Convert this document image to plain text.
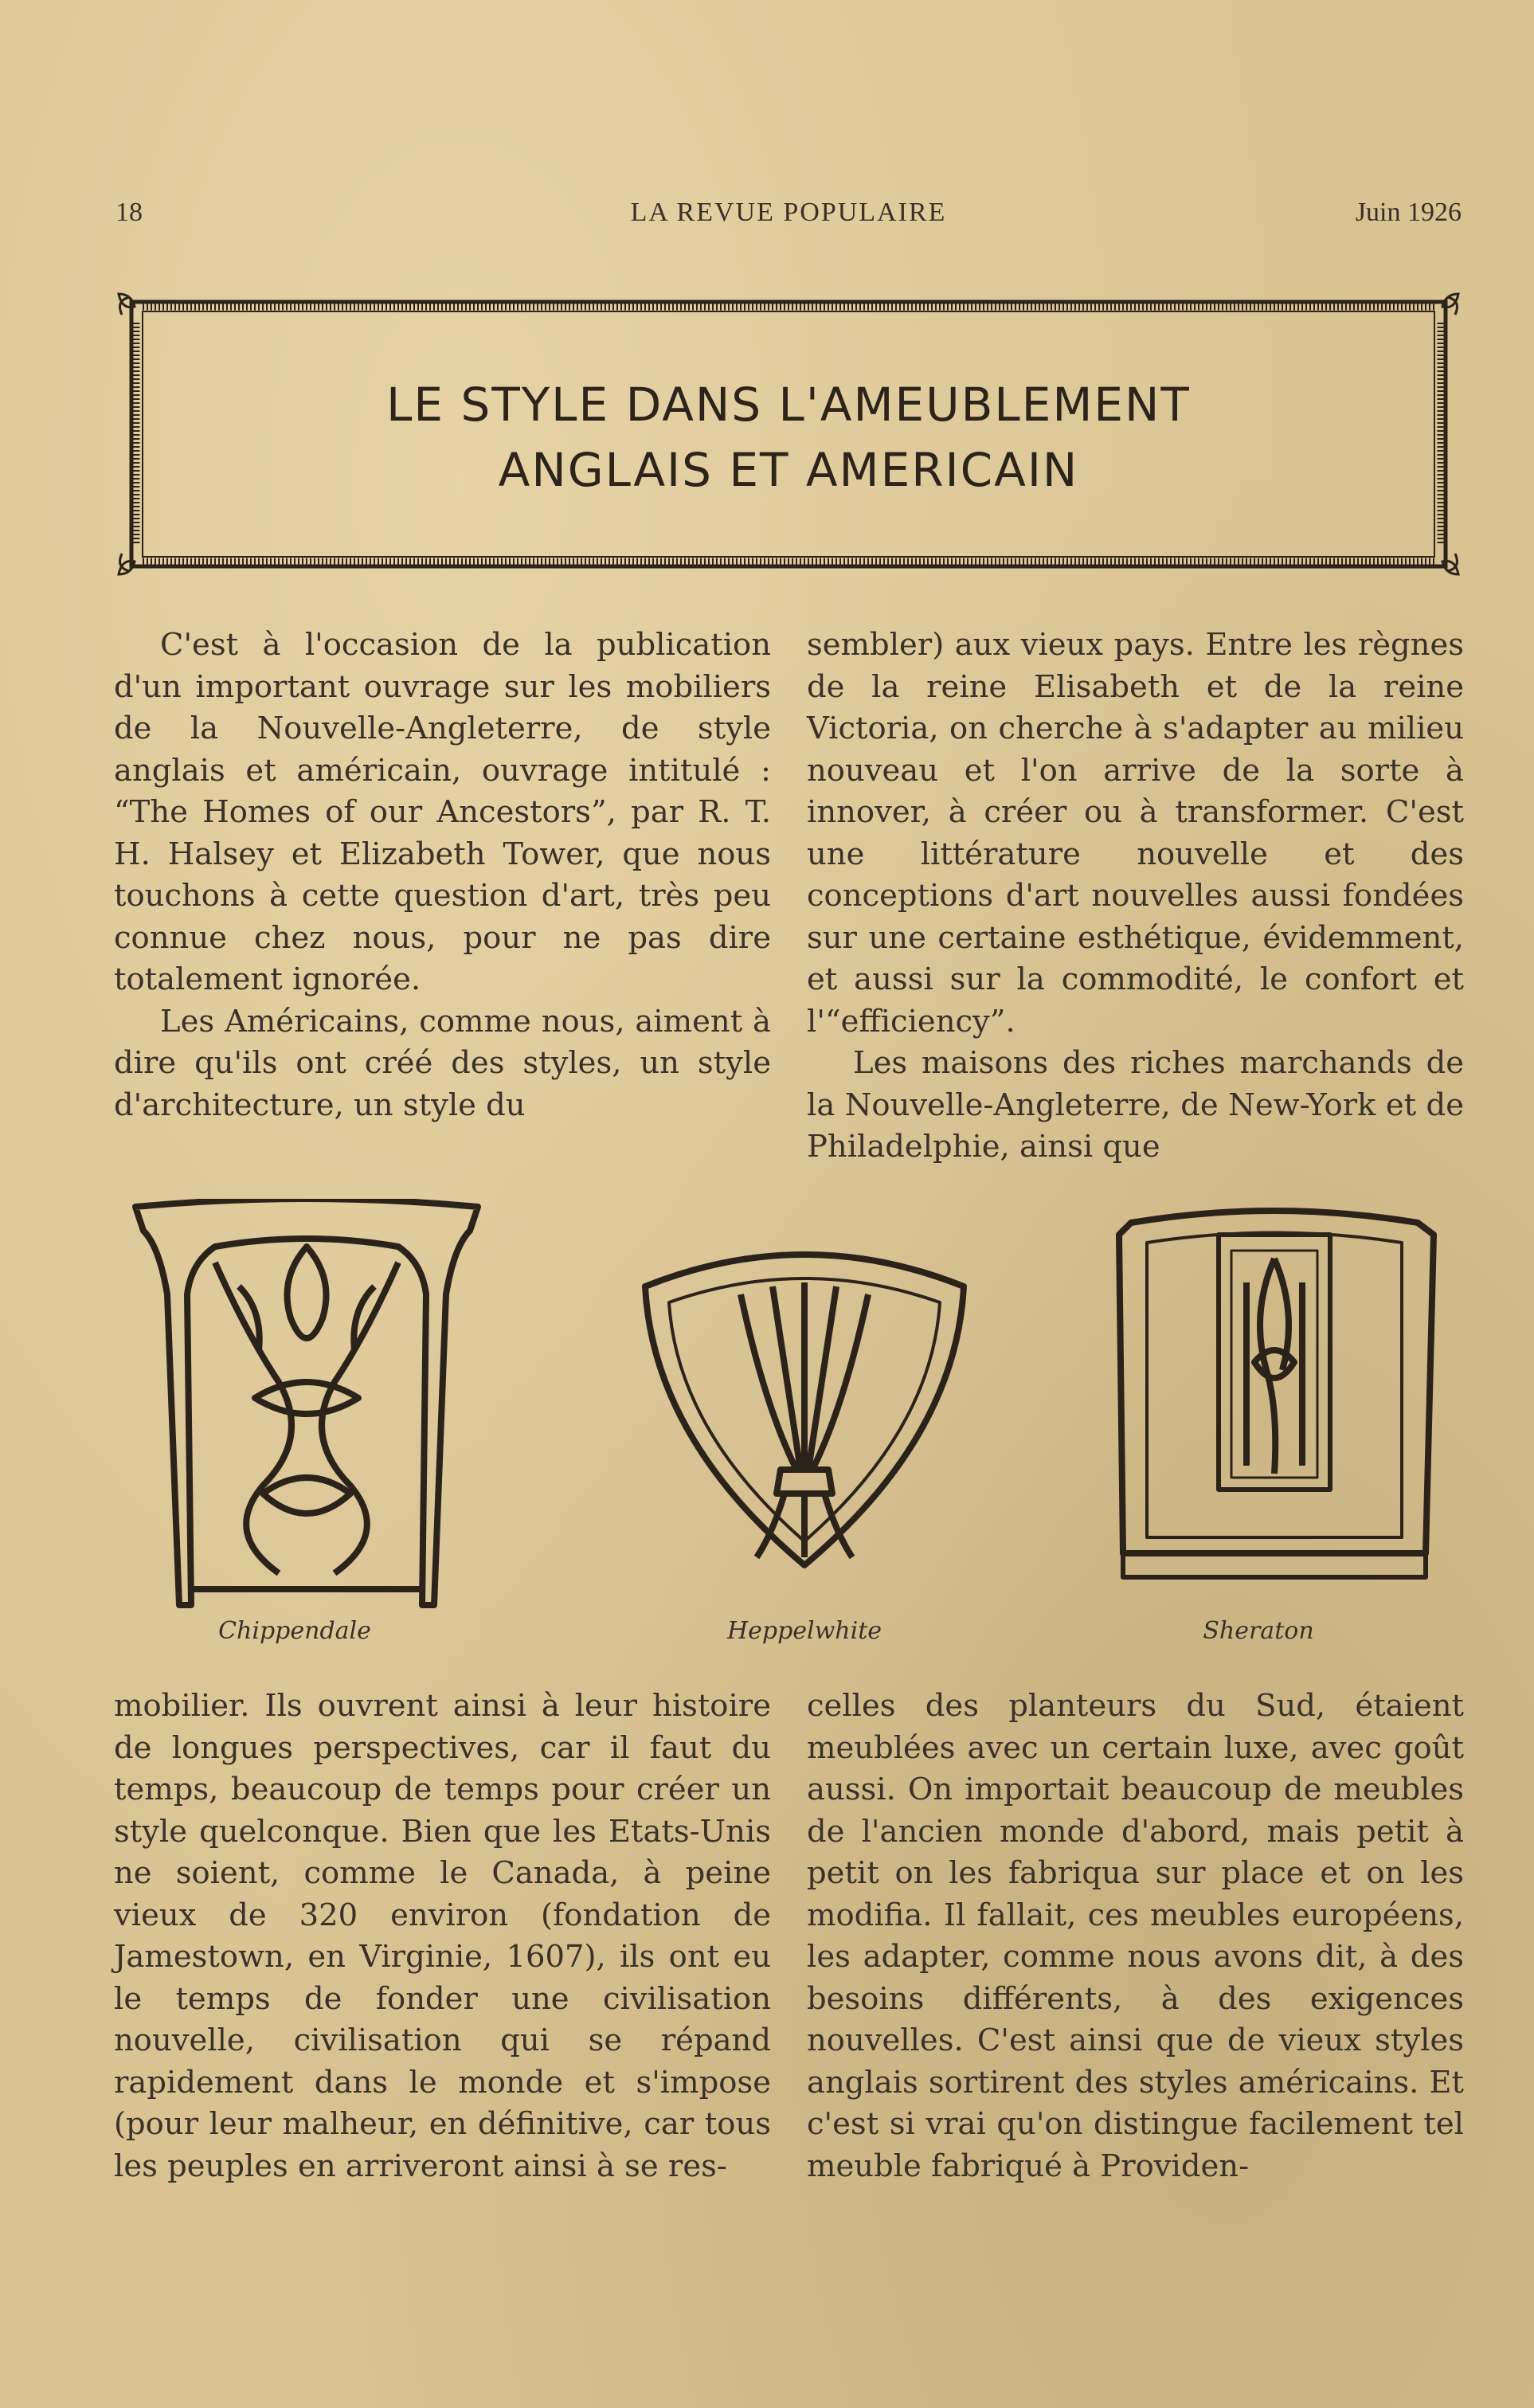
18	LA REVUE POPULAIRE	Juin 1926
LE STYLE DANS L'AMEUBLEMENT
ANGLAIS ET AMERICAIN

C'est à l'occasion de la publication d'un important ouvrage sur les mobiliers de la Nouvelle-Angleterre, de style anglais et américain, ouvrage intitulé : “The Homes of our Ancestors”, par R. T. H. Halsey et Elizabeth Tower, que nous touchons à cette question d'art, très peu connue chez nous, pour ne pas dire totalement ignorée.

Les Américains, comme nous, aiment à dire qu'ils ont créé des styles, un style d'architecture, un style du

sembler) aux vieux pays. Entre les règnes de la reine Elisabeth et de la reine Victoria, on cherche à s'adapter au milieu nouveau et l'on arrive de la sorte à innover, à créer ou à transformer. C'est une littérature nouvelle et des conceptions d'art nouvelles aussi fondées sur une certaine esthétique, évidemment, et aussi sur la commodité, le confort et l'“efficiency”.

Les maisons des riches marchands de la Nouvelle-Angleterre, de New-York et de Philadelphie, ainsi que

Chippendale	Heppelwhite	Sheraton

mobilier. Ils ouvrent ainsi à leur histoire de longues perspectives, car il faut du temps, beaucoup de temps pour créer un style quelconque. Bien que les Etats-Unis ne soient, comme le Canada, à peine vieux de 320 environ (fondation de Jamestown, en Virginie, 1607), ils ont eu le temps de fonder une civilisation nouvelle, civilisation qui se répand rapidement dans le monde et s'impose (pour leur malheur, en définitive, car tous les peuples en arriveront ainsi à se res-

celles des planteurs du Sud, étaient meublées avec un certain luxe, avec goût aussi. On importait beaucoup de meubles de l'ancien monde d'abord, mais petit à petit on les fabriqua sur place et on les modifia. Il fallait, ces meubles européens, les adapter, comme nous avons dit, à des besoins différents, à des exigences nouvelles. C'est ainsi que de vieux styles anglais sortirent des styles américains. Et c'est si vrai qu'on distingue facilement tel meuble fabriqué à Providen-
